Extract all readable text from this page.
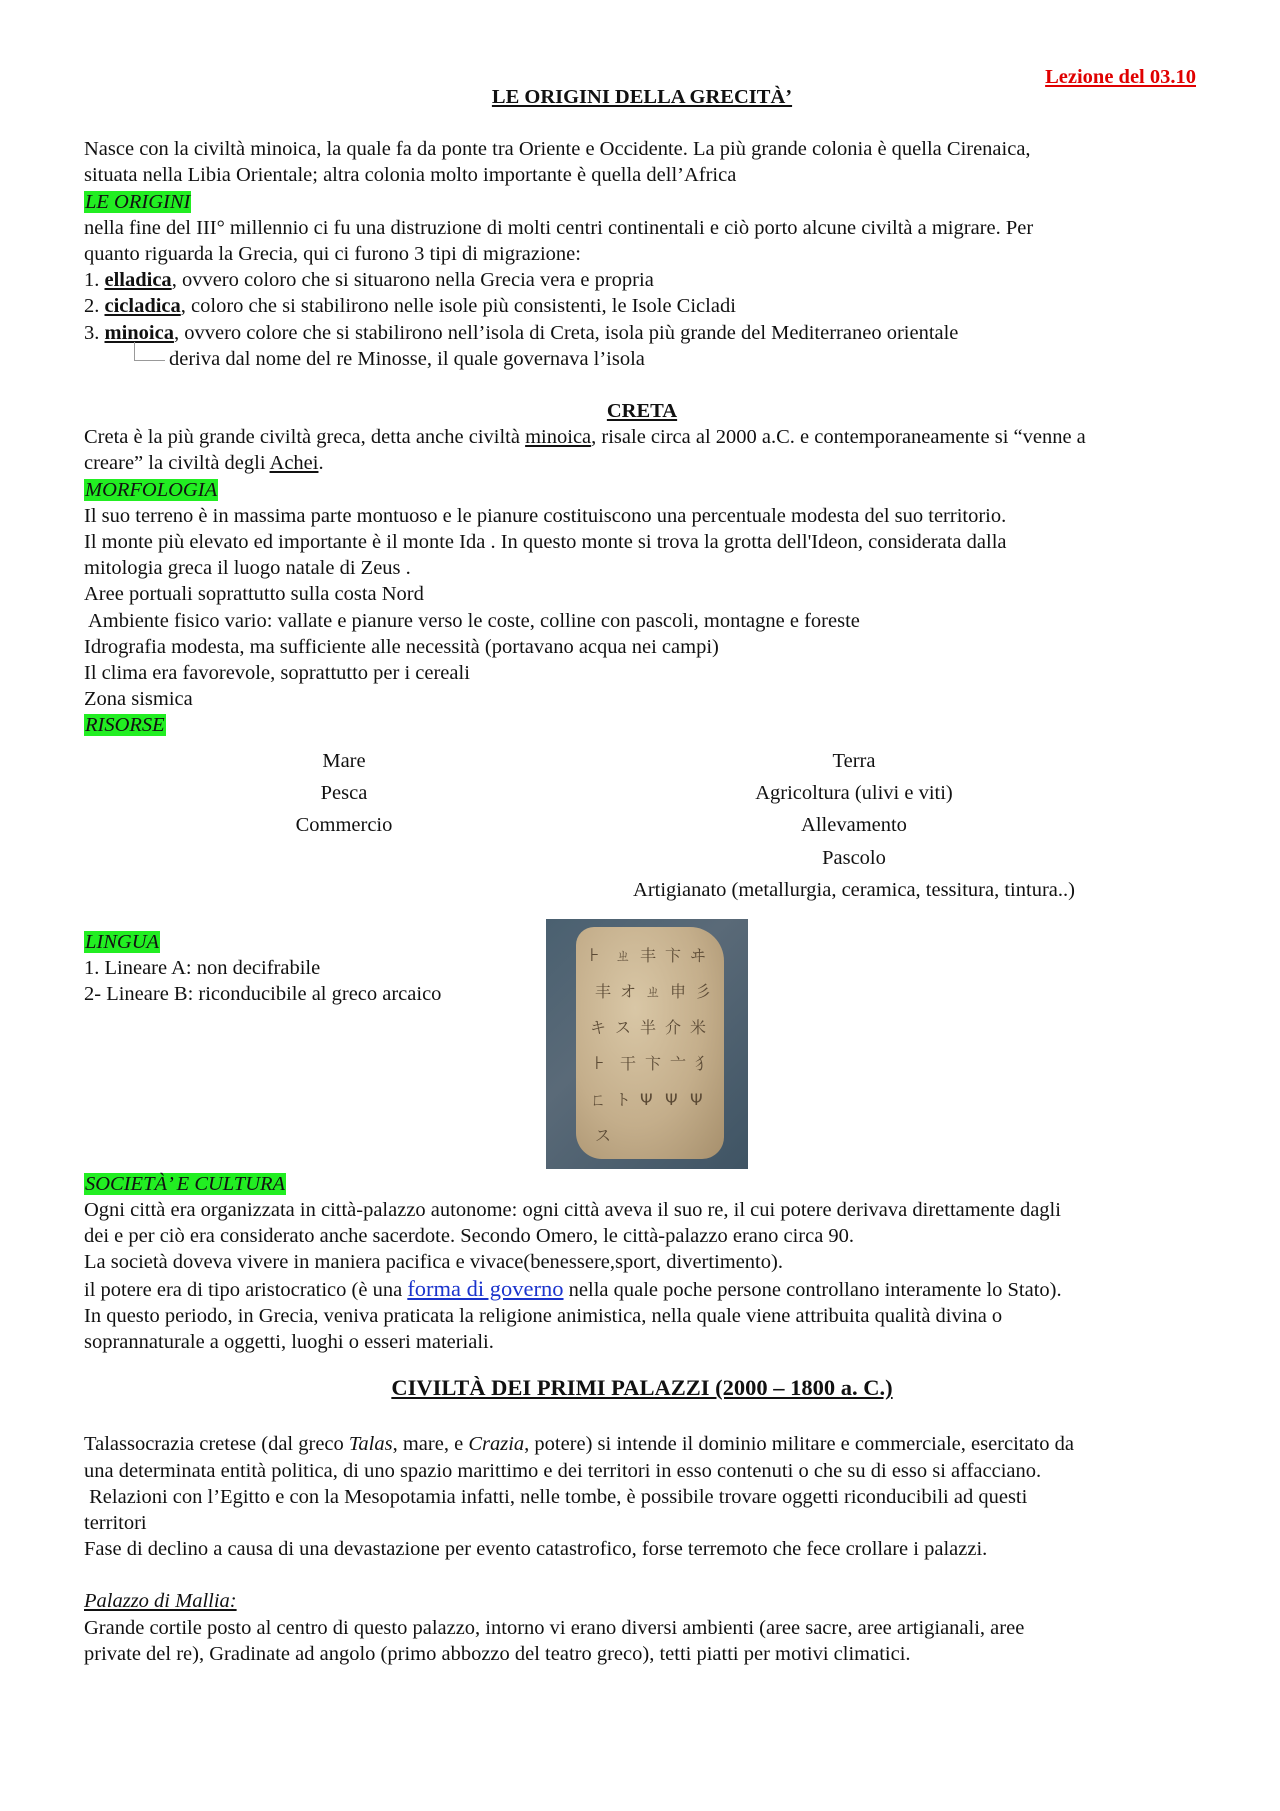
Lezione del 03.10

LE ORIGINI DELLA GRECITÀ’

Nasce con la civiltà minoica, la quale fa da ponte tra Oriente e Occidente. La più grande colonia è quella Cirenaica,

situata nella Libia Orientale; altra colonia molto importante è quella dell’Africa

LE ORIGINI

nella fine del III° millennio ci fu una distruzione di molti centri continentali e ciò porto alcune civiltà a migrare. Per

quanto riguarda la Grecia, qui ci furono 3 tipi di migrazione:

1. elladica, ovvero coloro che si situarono nella Grecia vera e propria

2. cicladica, coloro che si stabilirono nelle isole più consistenti, le Isole Cicladi

3. minoica, ovvero colore che si stabilirono nell’isola di Creta, isola più grande del Mediterraneo orientale

deriva dal nome del re Minosse, il quale governava l’isola

CRETA

Creta è la più grande civiltà greca, detta anche civiltà minoica, risale circa al 2000 a.C. e contemporaneamente si “venne a

creare” la civiltà degli Achei.

MORFOLOGIA

Il suo terreno è in massima parte montuoso e le pianure costituiscono una percentuale modesta del suo territorio.

Il monte più elevato ed importante è il monte Ida . In questo monte si trova la grotta dell'Ideon, considerata dalla

mitologia greca il luogo natale di Zeus .

Aree portuali soprattutto sulla costa Nord

Ambiente fisico vario: vallate e pianure verso le coste, colline con pascoli, montagne e foreste

Idrografia modesta, ma sufficiente alle necessità (portavano acqua nei campi)

Il clima era favorevole, soprattutto per i cereali

Zona sismica

RISORSE

Mare
Pesca
Commercio
Terra
Agricoltura (ulivi e viti)
Allevamento
Pascolo
Artigianato (metallurgia, ceramica, tessitura, tintura..)

LINGUA

1. Lineare A: non decifrabile

2- Lineare B: riconducibile al greco arcaico

𐘀 ㄓ 丰 卞 ヰ
丰 オ ㄓ 申 彡
キ ス 半 介 米
𐘀 干 卞 亠 犭
ㄈ ト Ψ Ψ Ψ
ス

SOCIETÀ’ E CULTURA

Ogni città era organizzata in città-palazzo autonome: ogni città aveva il suo re, il cui potere derivava direttamente dagli

dei e per ciò era considerato anche sacerdote. Secondo Omero, le città-palazzo erano circa 90.

La società doveva vivere in maniera pacifica e vivace(benessere,sport, divertimento).

il potere era di tipo aristocratico (è una forma di governo nella quale poche persone controllano interamente lo Stato).

In questo periodo, in Grecia, veniva praticata la religione animistica, nella quale viene attribuita qualità divina o

soprannaturale a oggetti, luoghi o esseri materiali.

CIVILTÀ DEI PRIMI PALAZZI (2000 – 1800 a. C.)

Talassocrazia cretese (dal greco Talas, mare, e Crazia, potere) si intende il dominio militare e commerciale, esercitato da

una determinata entità politica, di uno spazio marittimo e dei territori in esso contenuti o che su di esso si affacciano.

Relazioni con l’Egitto e con la Mesopotamia infatti, nelle tombe, è possibile trovare oggetti riconducibili ad questi

territori

Fase di declino a causa di una devastazione per evento catastrofico, forse terremoto che fece crollare i palazzi.

Palazzo di Mallia:

Grande cortile posto al centro di questo palazzo, intorno vi erano diversi ambienti (aree sacre, aree artigianali, aree

private del re), Gradinate ad angolo (primo abbozzo del teatro greco), tetti piatti per motivi climatici.
